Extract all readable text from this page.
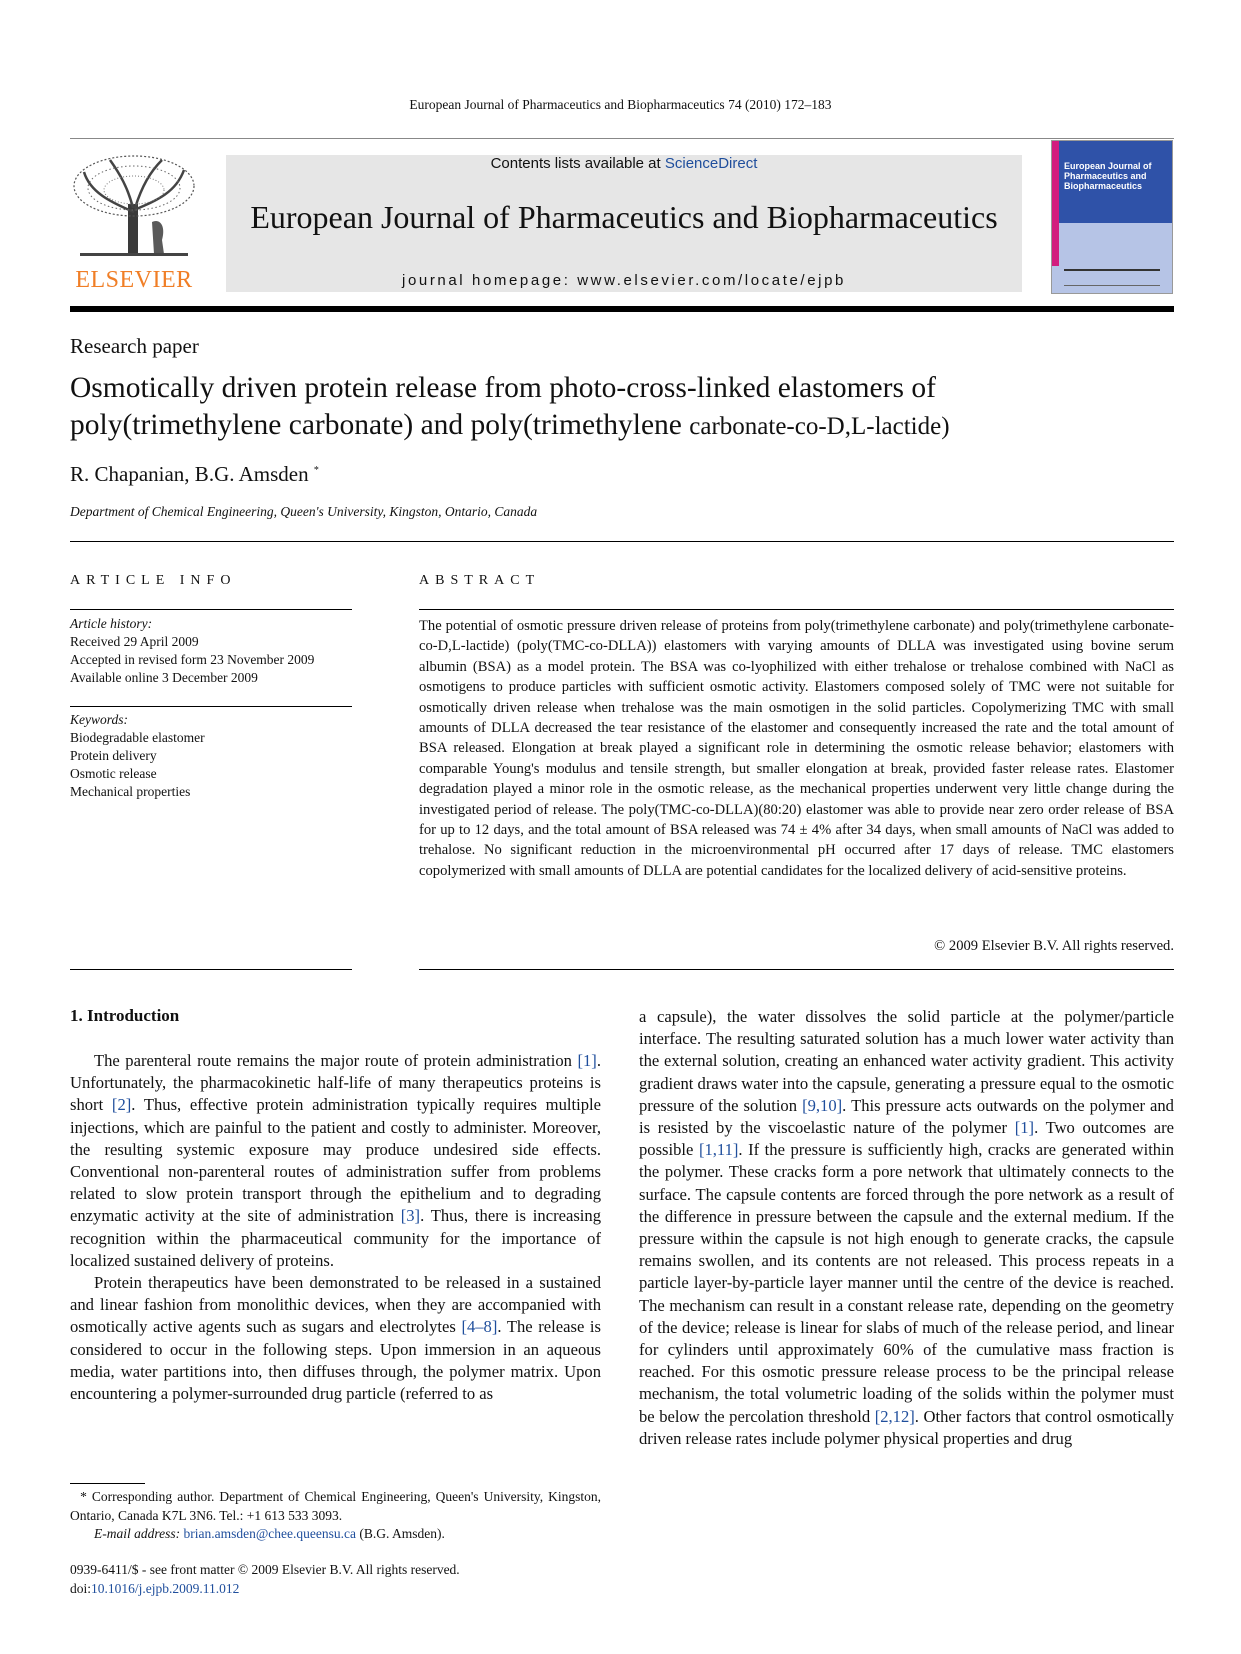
European Journal of Pharmaceutics and Biopharmaceutics 74 (2010) 172–183
ELSEVIER
Contents lists available at ScienceDirect
European Journal of Pharmaceutics and Biopharmaceutics
journal homepage: www.elsevier.com/locate/ejpb
European Journal of Pharmaceutics and Biopharmaceutics
Research paper
Osmotically driven protein release from photo-cross-linked elastomers of
poly(trimethylene carbonate) and poly(trimethylene carbonate-co-D,L-lactide)
R. Chapanian, B.G. Amsden *
Department of Chemical Engineering, Queen's University, Kingston, Ontario, Canada
ARTICLE INFO	ABSTRACT
Article history:
Received 29 April 2009
Accepted in revised form 23 November 2009
Available online 3 December 2009
Keywords:
Biodegradable elastomer
Protein delivery
Osmotic release
Mechanical properties
The potential of osmotic pressure driven release of proteins from poly(trimethylene carbonate) and poly(trimethylene carbonate-co-D,L-lactide) (poly(TMC-co-DLLA)) elastomers with varying amounts of DLLA was investigated using bovine serum albumin (BSA) as a model protein. The BSA was co-lyophilized with either trehalose or trehalose combined with NaCl as osmotigens to produce particles with sufficient osmotic activity. Elastomers composed solely of TMC were not suitable for osmotically driven release when trehalose was the main osmotigen in the solid particles. Copolymerizing TMC with small amounts of DLLA decreased the tear resistance of the elastomer and consequently increased the rate and the total amount of BSA released. Elongation at break played a significant role in determining the osmotic release behavior; elastomers with comparable Young's modulus and tensile strength, but smaller elongation at break, provided faster release rates. Elastomer degradation played a minor role in the osmotic release, as the mechanical properties underwent very little change during the investigated period of release. The poly(TMC-co-DLLA)(80:20) elastomer was able to provide near zero order release of BSA for up to 12 days, and the total amount of BSA released was 74 ± 4% after 34 days, when small amounts of NaCl was added to trehalose. No significant reduction in the microenvironmental pH occurred after 17 days of release. TMC elastomers copolymerized with small amounts of DLLA are potential candidates for the localized delivery of acid-sensitive proteins.
© 2009 Elsevier B.V. All rights reserved.
1. Introduction

The parenteral route remains the major route of protein administration [1]. Unfortunately, the pharmacokinetic half-life of many therapeutics proteins is short [2]. Thus, effective protein administration typically requires multiple injections, which are painful to the patient and costly to administer. Moreover, the resulting systemic exposure may produce undesired side effects. Conventional non-parenteral routes of administration suffer from problems related to slow protein transport through the epithelium and to degrading enzymatic activity at the site of administration [3]. Thus, there is increasing recognition within the pharmaceutical community for the importance of localized sustained delivery of proteins.

Protein therapeutics have been demonstrated to be released in a sustained and linear fashion from monolithic devices, when they are accompanied with osmotically active agents such as sugars and electrolytes [4–8]. The release is considered to occur in the following steps. Upon immersion in an aqueous media, water partitions into, then diffuses through, the polymer matrix. Upon encountering a polymer-surrounded drug particle (referred to as

a capsule), the water dissolves the solid particle at the polymer/particle interface. The resulting saturated solution has a much lower water activity than the external solution, creating an enhanced water activity gradient. This activity gradient draws water into the capsule, generating a pressure equal to the osmotic pressure of the solution [9,10]. This pressure acts outwards on the polymer and is resisted by the viscoelastic nature of the polymer [1]. Two outcomes are possible [1,11]. If the pressure is sufficiently high, cracks are generated within the polymer. These cracks form a pore network that ultimately connects to the surface. The capsule contents are forced through the pore network as a result of the difference in pressure between the capsule and the external medium. If the pressure within the capsule is not high enough to generate cracks, the capsule remains swollen, and its contents are not released. This process repeats in a particle layer-by-particle layer manner until the centre of the device is reached. The mechanism can result in a constant release rate, depending on the geometry of the device; release is linear for slabs of much of the release period, and linear for cylinders until approximately 60% of the cumulative mass fraction is reached. For this osmotic pressure release process to be the principal release mechanism, the total volumetric loading of the solids within the polymer must be below the percolation threshold [2,12]. Other factors that control osmotically driven release rates include polymer physical properties and drug

* Corresponding author. Department of Chemical Engineering, Queen's University, Kingston, Ontario, Canada K7L 3N6. Tel.: +1 613 533 3093.
E-mail address: brian.amsden@chee.queensu.ca (B.G. Amsden).
0939-6411/$ - see front matter © 2009 Elsevier B.V. All rights reserved.
doi:10.1016/j.ejpb.2009.11.012
